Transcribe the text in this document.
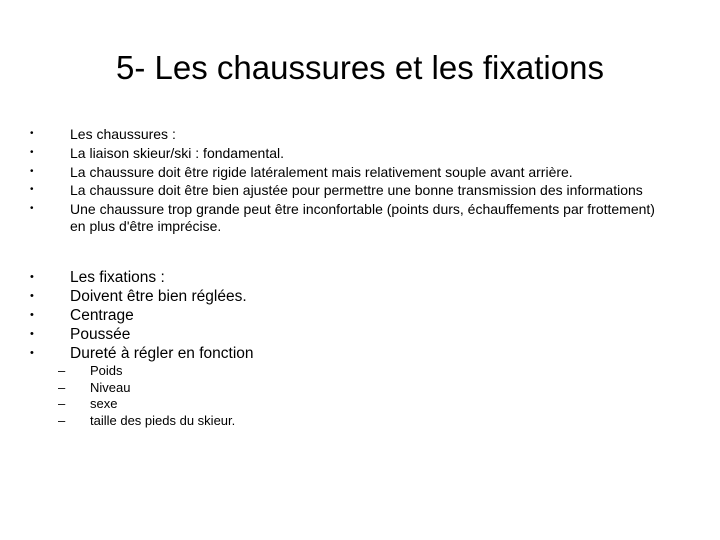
5- Les chaussures et les fixations
•	Les chaussures :
•	La liaison skieur/ski : fondamental.
•	La chaussure doit être rigide latéralement mais relativement souple avant arrière.
•	La chaussure doit être bien ajustée pour permettre une bonne transmission des informations
•	Une chaussure trop grande peut être inconfortable (points durs, échauffements par frottement) en plus d'être imprécise.
• Les fixations :
• Doivent être bien réglées.
• Centrage
• Poussée
• Dureté à régler en fonction
– Poids
– Niveau
– sexe
– taille des pieds du skieur.
